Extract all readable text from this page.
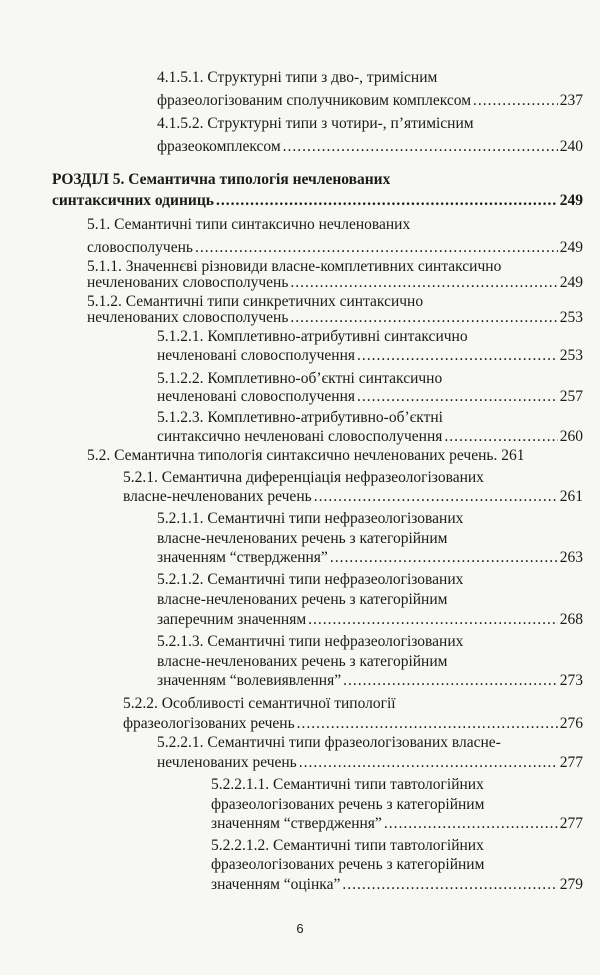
4.1.5.1. Структурні типи з дво-, тримісним
фразеологізованим сполучниковим комплексом .....	237
4.1.5.2. Структурні типи з чотири-, п’ятимісним
фразеокомплексом .....	240
РОЗДІЛ 5. Семантична типологія нечленованих
синтаксичних одиниць .....	249
5.1. Семантичні типи синтаксично нечленованих
словосполучень .....	249
5.1.1. Значеннєві різновиди власне-комплетивних синтаксично
нечленованих словосполучень .....	249
5.1.2. Семантичні типи синкретичних синтаксично
нечленованих словосполучень .....	253
5.1.2.1. Комплетивно-атрибутивні синтаксично
нечленовані словосполучення .....	253
5.1.2.2. Комплетивно-об’єктні синтаксично
нечленовані словосполучення .....	257
5.1.2.3. Комплетивно-атрибутивно-об’єктні
синтаксично нечленовані словосполучення .....	260
5.2. Семантична типологія синтаксично нечленованих речень. 261
5.2.1. Семантична диференціація нефразеологізованих
власне-нечленованих речень .....	261
5.2.1.1. Семантичні типи нефразеологізованих
власне-нечленованих речень з категорійним
значенням “ствердження” .....	263
5.2.1.2. Семантичні типи нефразеологізованих
власне-нечленованих речень з категорійним
заперечним значенням .....	268
5.2.1.3. Семантичні типи нефразеологізованих
власне-нечленованих речень з категорійним
значенням “волевиявлення” .....	273
5.2.2. Особливості семантичної типології
фразеологізованих речень .....	276
5.2.2.1. Семантичні типи фразеологізованих власне-
нечленованих речень .....	277
5.2.2.1.1. Семантичні типи тавтологійних
фразеологізованих речень з категорійним
значенням “ствердження” .....	277
5.2.2.1.2. Семантичні типи тавтологійних
фразеологізованих речень з категорійним
значенням “оцінка” .....	279
6
